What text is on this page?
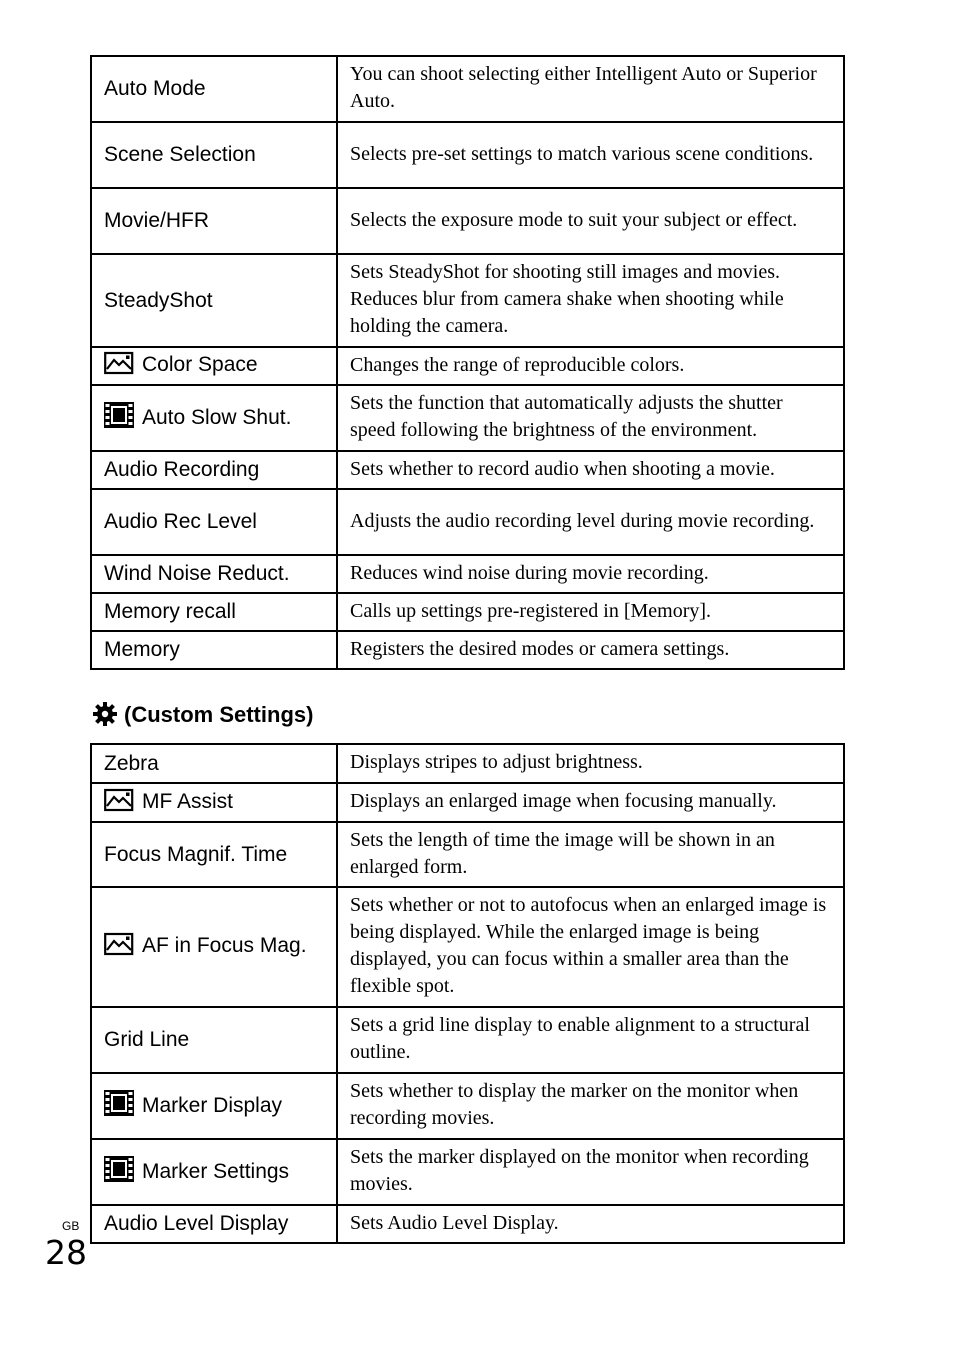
Auto Mode	You can shoot selecting either Intelligent Auto or Superior Auto.
Scene Selection	Selects pre-set settings to match various scene conditions.
Movie/HFR	Selects the exposure mode to suit your subject or effect.
SteadyShot	Sets SteadyShot for shooting still images and movies. Reduces blur from camera shake when shooting while holding the camera.
Color Space	Changes the range of reproducible colors.
Auto Slow Shut.	Sets the function that automatically adjusts the shutter speed following the brightness of the environment.
Audio Recording	Sets whether to record audio when shooting a movie.
Audio Rec Level	Adjusts the audio recording level during movie recording.
Wind Noise Reduct.	Reduces wind noise during movie recording.
Memory recall	Calls up settings pre-registered in [Memory].
Memory	Registers the desired modes or camera settings.
(Custom Settings)
Zebra	Displays stripes to adjust brightness.
MF Assist	Displays an enlarged image when focusing manually.
Focus Magnif. Time	Sets the length of time the image will be shown in an enlarged form.
AF in Focus Mag.	Sets whether or not to autofocus when an enlarged image is being displayed. While the enlarged image is being displayed, you can focus within a smaller area than the flexible spot.
Grid Line	Sets a grid line display to enable alignment to a structural outline.
Marker Display	Sets whether to display the marker on the monitor when recording movies.
Marker Settings	Sets the marker displayed on the monitor when recording movies.
Audio Level Display	Sets Audio Level Display.
GB
28
